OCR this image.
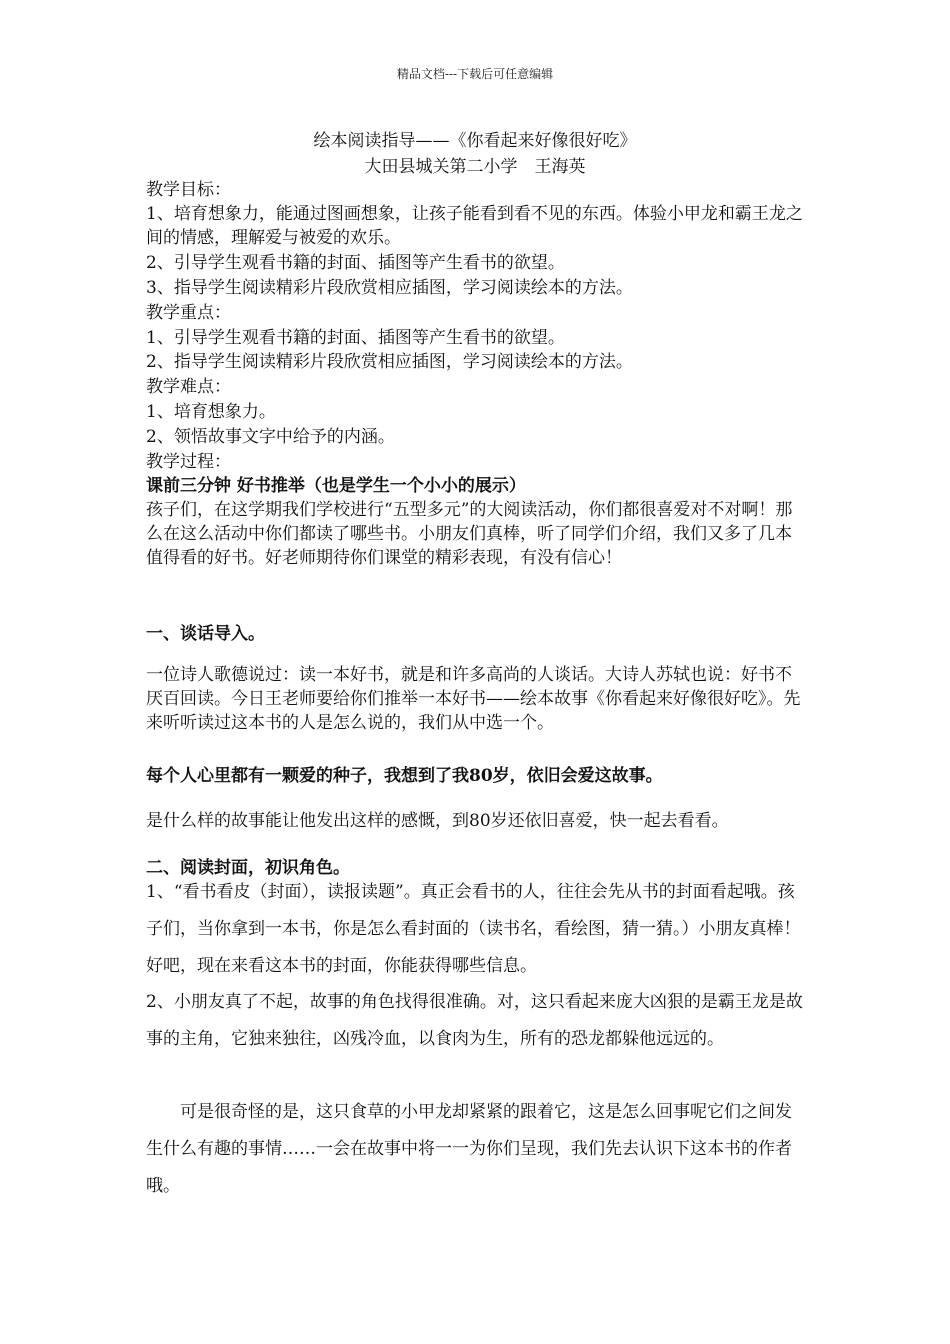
精品文档---下载后可任意编辑
绘本阅读指导——《你看起来好像很好吃》
大田县城关第二小学　王海英
教学目标：
1、培育想象力，能通过图画想象，让孩子能看到看不见的东西。体验小甲龙和霸王龙之间的情感，理解爱与被爱的欢乐。
2、引导学生观看书籍的封面、插图等产生看书的欲望。
3、指导学生阅读精彩片段欣赏相应插图，学习阅读绘本的方法。
教学重点：
1、引导学生观看书籍的封面、插图等产生看书的欲望。
2、指导学生阅读精彩片段欣赏相应插图，学习阅读绘本的方法。
教学难点：
1、培育想象力。
2、领悟故事文字中给予的内涵。
教学过程：
课前三分钟 好书推举（也是学生一个小小的展示）
孩子们，在这学期我们学校进行“五型多元”的大阅读活动，你们都很喜爱对不对啊！那么在这么活动中你们都读了哪些书。小朋友们真棒，听了同学们介绍，我们又多了几本值得看的好书。好老师期待你们课堂的精彩表现，有没有信心！
一、谈话导入。
一位诗人歌德说过：读一本好书，就是和许多高尚的人谈话。大诗人苏轼也说：好书不厌百回读。今日王老师要给你们推举一本好书——绘本故事《你看起来好像很好吃》。先来听听读过这本书的人是怎么说的，我们从中选一个。
每个人心里都有一颗爱的种子，我想到了我80岁，依旧会爱这故事。
是什么样的故事能让他发出这样的感慨，到80岁还依旧喜爱，快一起去看看。
二、阅读封面，初识角色。
1、“看书看皮（封面），读报读题”。真正会看书的人，往往会先从书的封面看起哦。孩子们，当你拿到一本书，你是怎么看封面的（读书名，看绘图，猜一猜。）小朋友真棒！好吧，现在来看这本书的封面，你能获得哪些信息。
2、小朋友真了不起，故事的角色找得很准确。对，这只看起来庞大凶狠的是霸王龙是故事的主角，它独来独往，凶残冷血，以食肉为生，所有的恐龙都躲他远远的。
　　可是很奇怪的是，这只食草的小甲龙却紧紧的跟着它，这是怎么回事呢它们之间发生什么有趣的事情……一会在故事中将一一为你们呈现，我们先去认识下这本书的作者哦。
